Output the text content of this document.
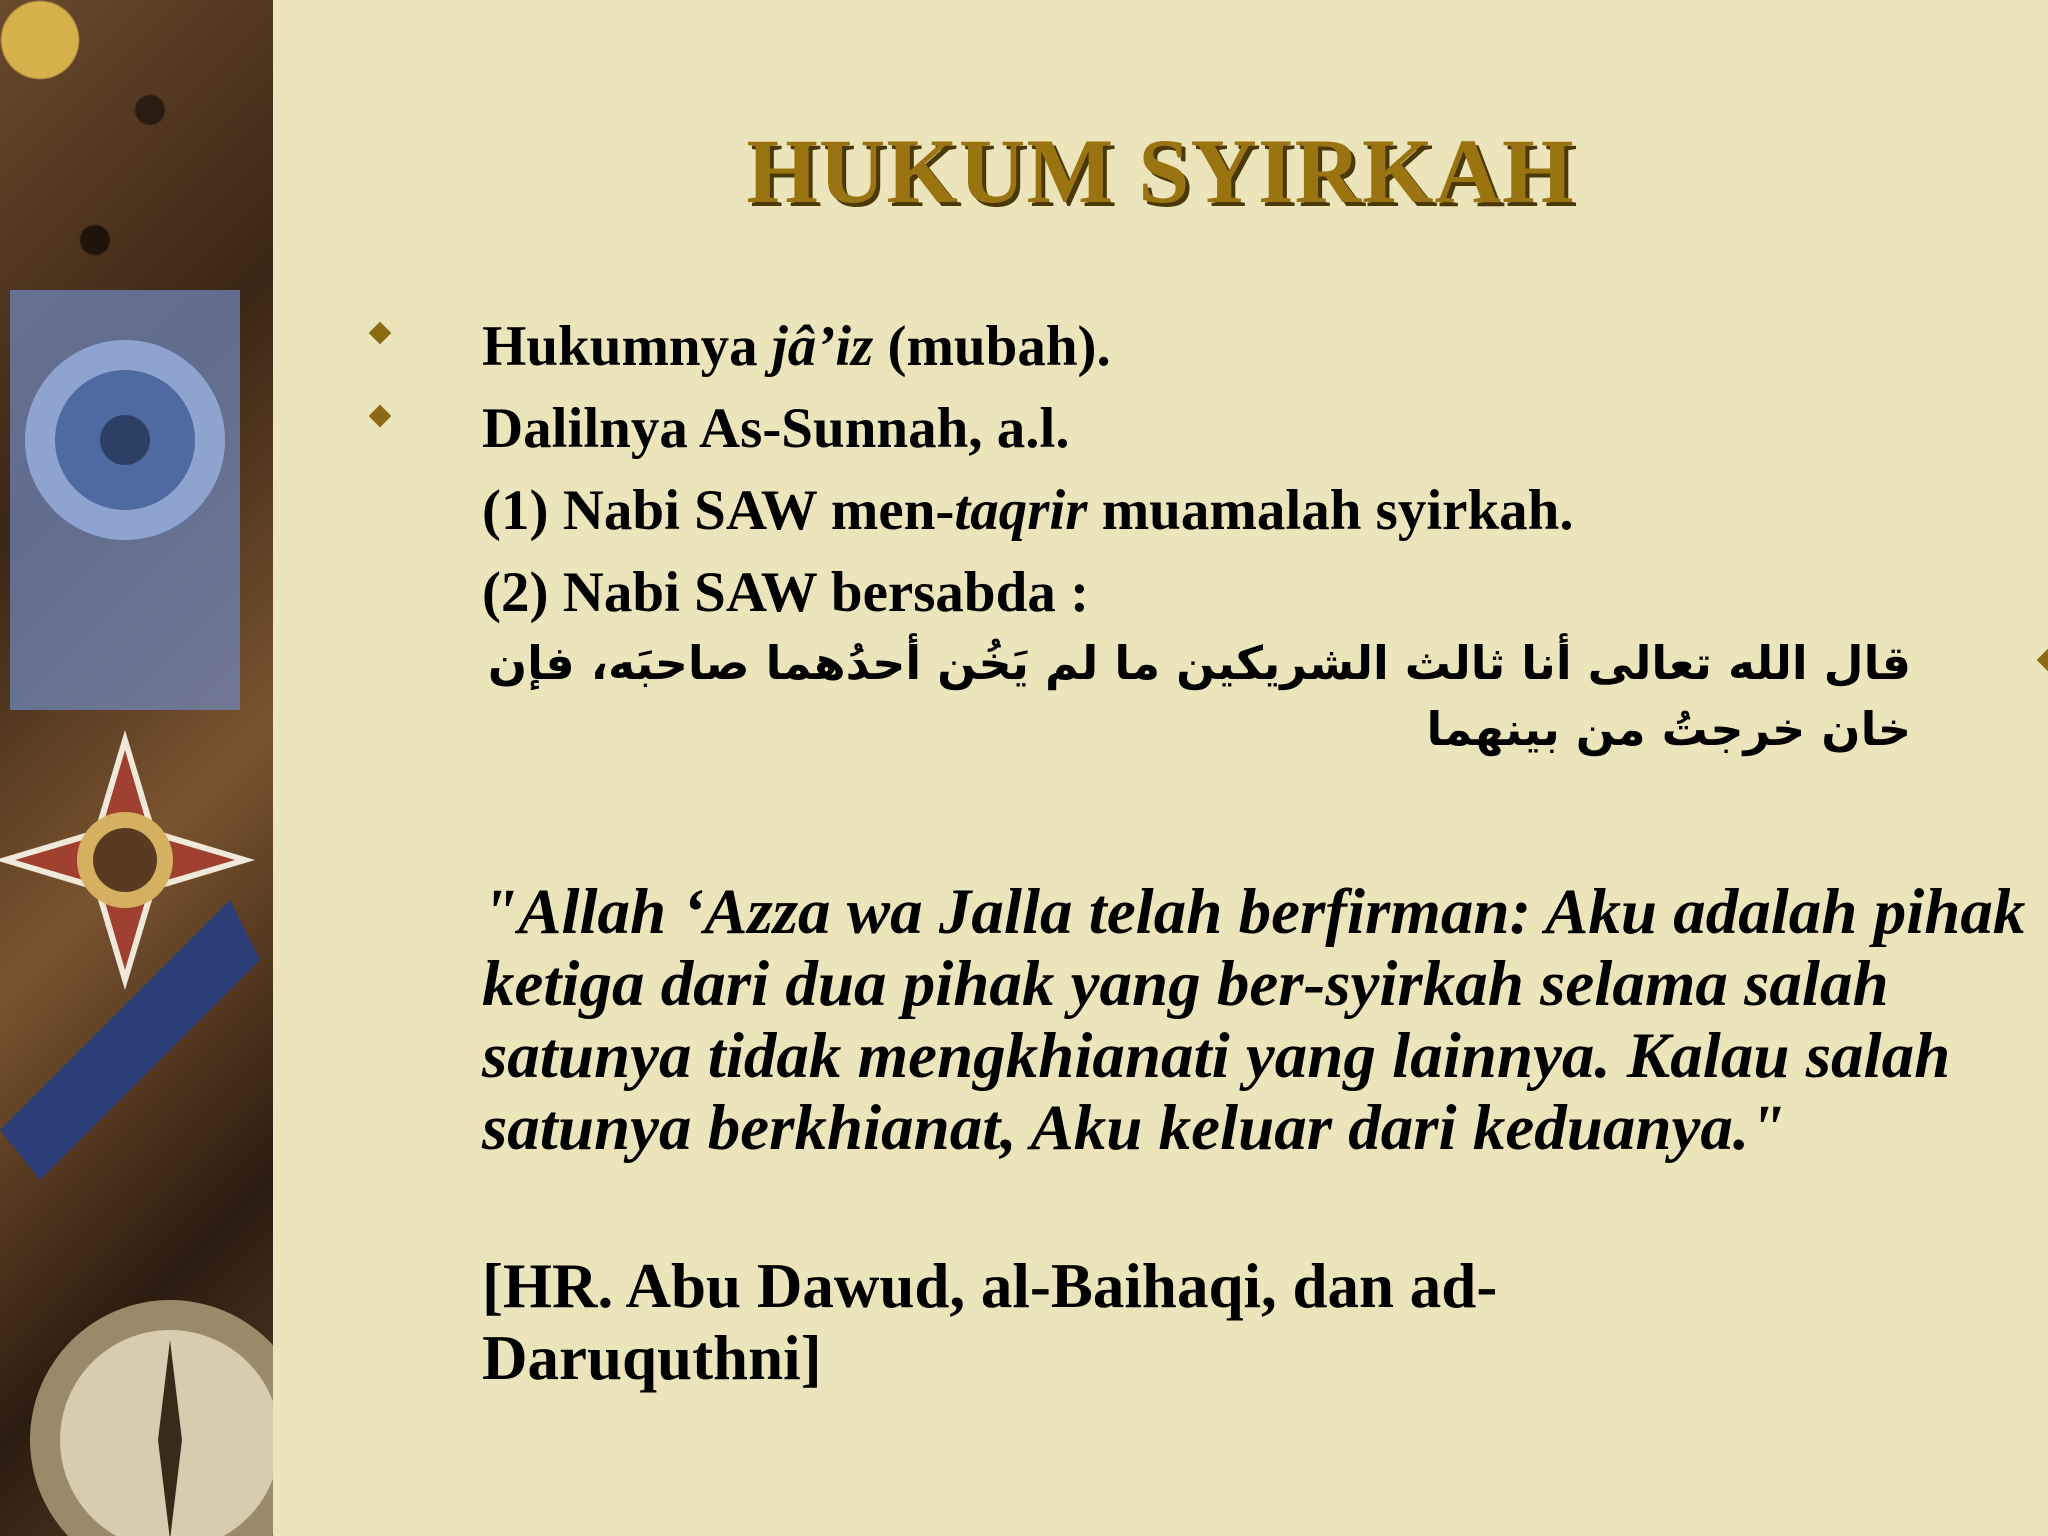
HUKUM SYIRKAH
Hukumnya jâ’iz (mubah).
Dalilnya As-Sunnah, a.l.
(1) Nabi SAW men-taqrir muamalah syirkah.
(2) Nabi SAW bersabda :
قال الله تعالى أنا ثالث الشريكين ما لم يَخُن أحدُهما صاحبَه، فإن خان خرجتُ من بينهما
"Allah ‘Azza wa Jalla telah berfirman: Aku adalah pihak ketiga dari dua pihak yang ber-syirkah selama salah satunya tidak mengkhianati yang lainnya. Kalau salah satunya berkhianat, Aku keluar dari keduanya."
[HR. Abu Dawud, al-Baihaqi, dan ad-Daruquthni]
